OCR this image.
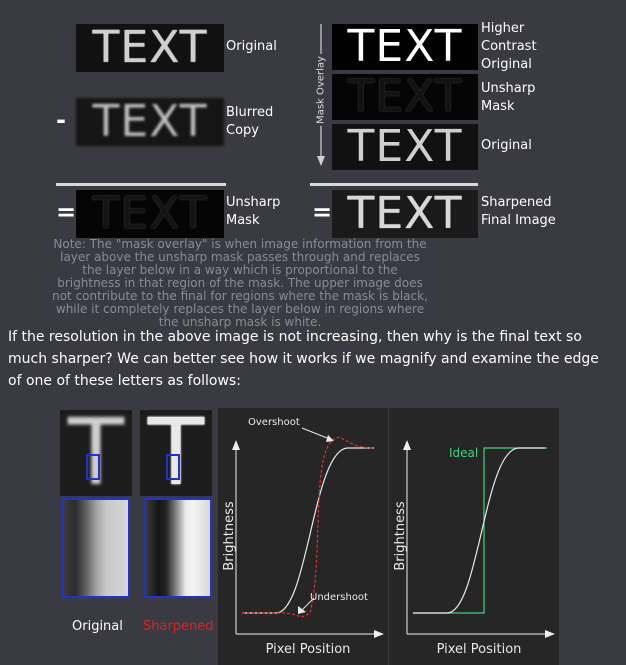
TEXT	Original
- TEXT	Blurred
Copy
= TEXT	Unsharp
Mask
Mask Overlay
TEXT	Higher
Contrast
Original
TEXT	Unsharp
Mask
TEXT	Original
= TEXT	Sharpened
Final Image
Note: The "mask overlay" is when image information from the layer above the unsharp mask passes through and replaces the layer below in a way which is proportional to the brightness in that region of the mask. The upper image does not contribute to the final for regions where the mask is black, while it completely replaces the layer below in regions where the unsharp mask is white.
If the resolution in the above image is not increasing, then why is the final text so much sharper? We can better see how it works if we magnify and examine the edge of one of these letters as follows:
T
Original
T
Sharpened
Overshoot
Undershoot
Brightness
Pixel Position
Ideal
Brightness
Pixel Position
